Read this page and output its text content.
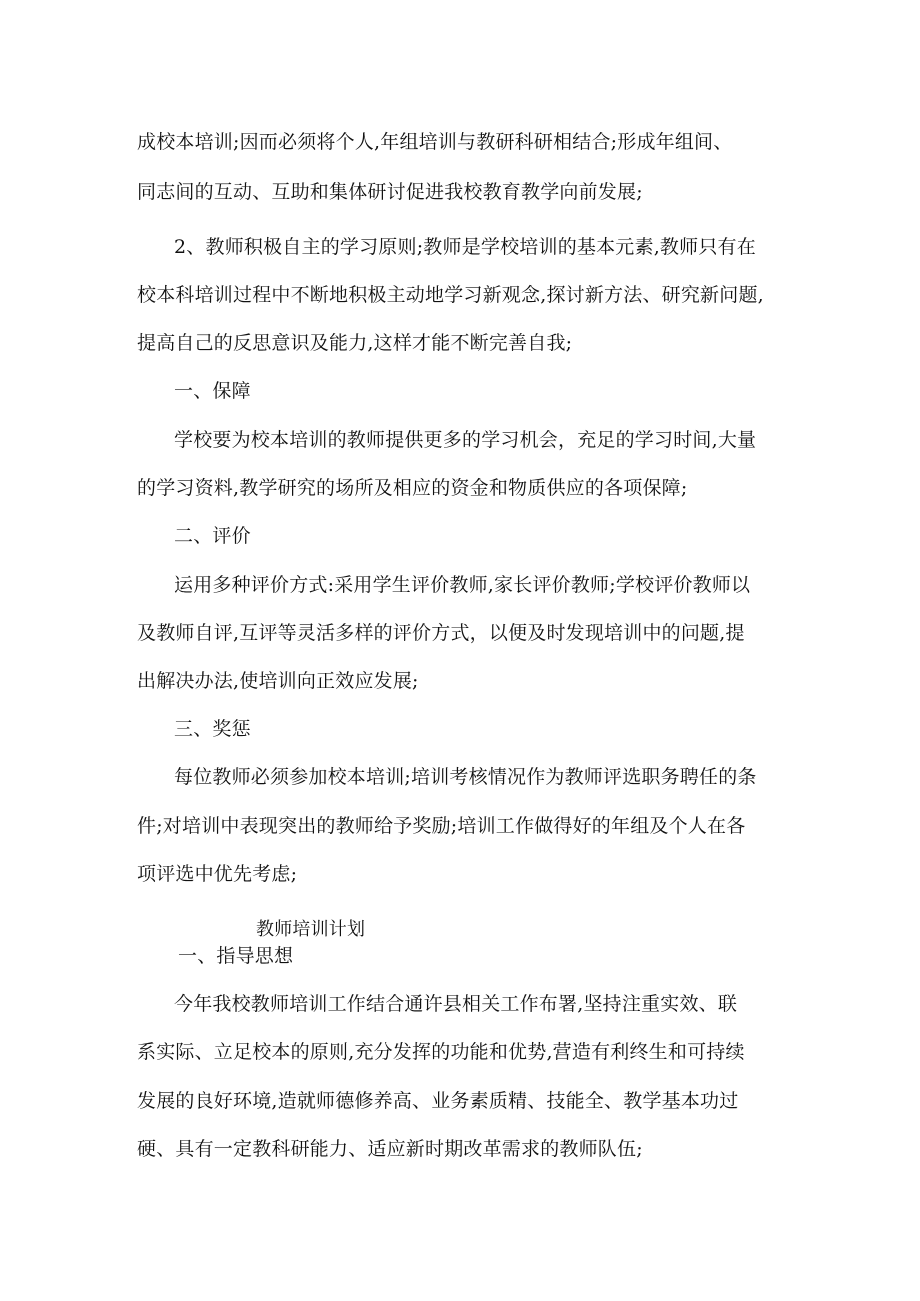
成校本培训;因而必须将个人,年组培训与教研科研相结合;形成年组间、
同志间的互动、互助和集体研讨促进我校教育教学向前发展;
2、教师积极自主的学习原则;教师是学校培训的基本元素,教师只有在
校本科培训过程中不断地积极主动地学习新观念,探讨新方法、研究新问题,
提高自己的反思意识及能力,这样才能不断完善自我;
一、保障
学校要为校本培训的教师提供更多的学习机会，充足的学习时间,大量
的学习资料,教学研究的场所及相应的资金和物质供应的各项保障;
二、评价
运用多种评价方式:采用学生评价教师,家长评价教师;学校评价教师以
及教师自评,互评等灵活多样的评价方式，以便及时发现培训中的问题,提
出解决办法,使培训向正效应发展;
三、奖惩
每位教师必须参加校本培训;培训考核情况作为教师评选职务聘任的条
件;对培训中表现突出的教师给予奖励;培训工作做得好的年组及个人在各
项评选中优先考虑;
教师培训计划
一、指导思想
今年我校教师培训工作结合通许县相关工作布署,坚持注重实效、联
系实际、立足校本的原则,充分发挥的功能和优势,营造有利终生和可持续
发展的良好环境,造就师德修养高、业务素质精、技能全、教学基本功过
硬、具有一定教科研能力、适应新时期改革需求的教师队伍;
